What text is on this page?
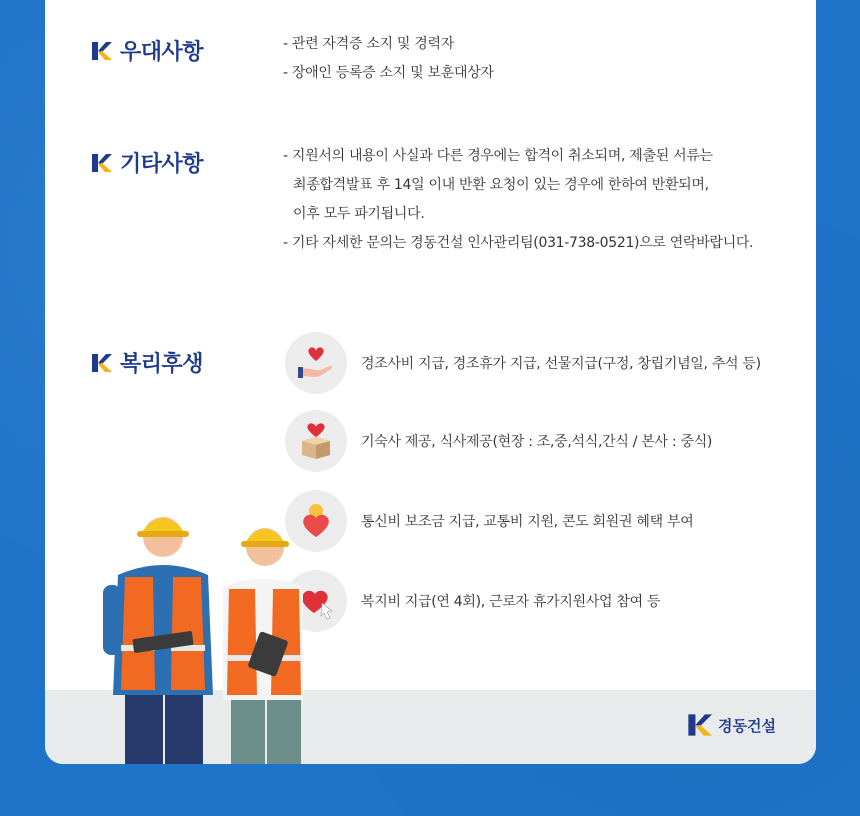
우대사항	- 관련 자격증 소지 및 경력자
- 장애인 등록증 소지 및 보훈대상자
기타사항	- 지원서의 내용이 사실과 다른 경우에는 합격이 취소되며, 제출된 서류는
최종합격발표 후 14일 이내 반환 요청이 있는 경우에 한하여 반환되며,
이후 모두 파기됩니다.
- 기타 자세한 문의는 경동건설 인사관리팀(031-738-0521)으로 연락바랍니다.
복리후생	경조사비 지급, 경조휴가 지급, 선물지급(구정, 창립기념일, 추석 등)
기숙사 제공, 식사제공(현장 : 조,중,석식,간식 / 본사 : 중식)
통신비 보조금 지급, 교통비 지원, 콘도 회원권 혜택 부여
복지비 지급(연 4회), 근로자 휴가지원사업 참여 등
경동건설
